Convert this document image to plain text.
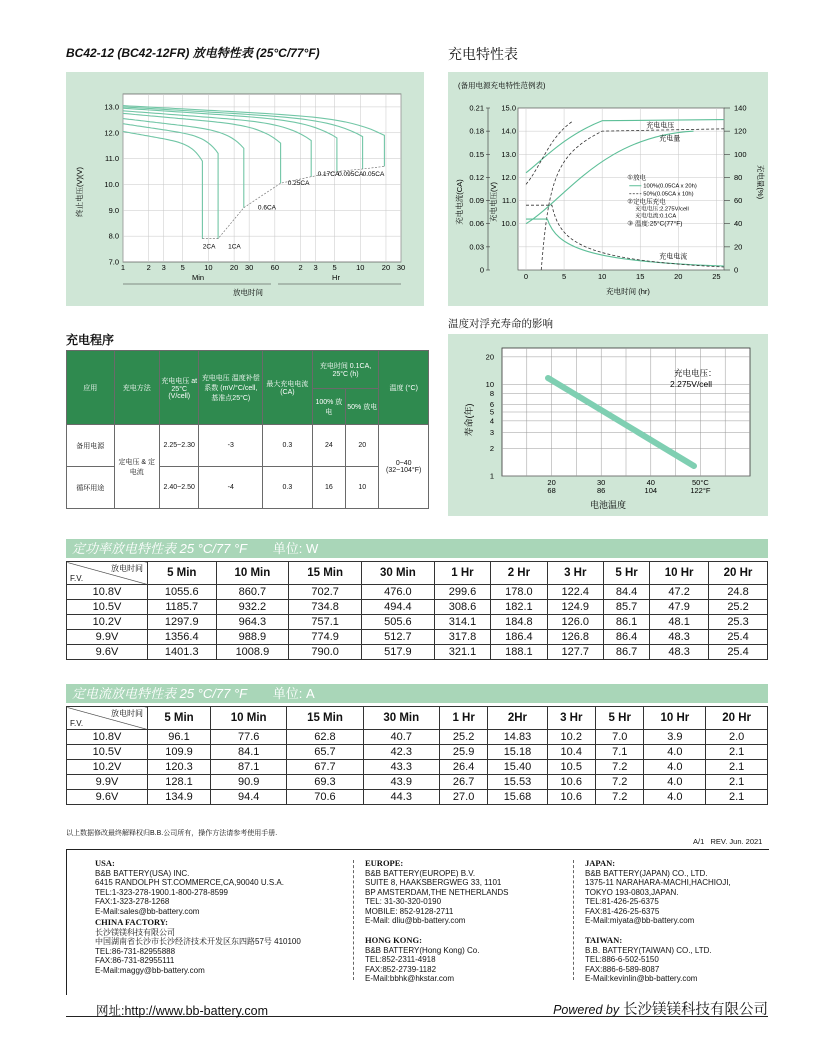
BC42-12 (BC42-12FR) 放电特性表 (25°C/77°F)
13.0
12.0
11.0
10.0
9.0
8.0
7.0
1	2 3 5	10 20 30 60	2 3 5	10 20 30
2CA 1CA
0.6CA
0.25CA
0.17CA
0.095CA 0.05CA
终止电压(V)(V)
Min	Hr
放电时间
充电特性表
(备用电源充电特性范例表)
0.21	140
0.18	120
0.15	100
0.12	80
0.09	60
0.06	40
0.03	20
0	0
15.0
14.0
13.0
12.0
11.0
10.0
0	5	10	15	20	25
充电电压
充电量
充电电流
①放电
100%(0.05CA x 20h)
50%(0.05CA x 10h)
②定电压充电
充电电压:2.275V/cell
充电电流:0.1CA
③ 温度:25°C(77°F)
充电电流(CA)	充电电压(V)	充电量(%)
充电时间 (hr)
温度对浮充寿命的影响
20
10
8
6
5
4
3
2
1
20
68
30
86
40
104
50°C
122°F
寿命(年)
电池温度
充电电压：
2.275V/cell
充电程序
应用	充电方法	充电电压 at 25°C (V/cell)	充电电压 温度补偿系数 (mV/°C/cell, 基准点25°C)	最大充电电流 (CA)	充电时间 0.1CA, 25°C (h)		温度 (°C)
					100% 放电	50% 放电	
备用电源	定电压 & 定电流	2.25~2.30	-3	0.3	24	20	0~40 (32~104°F)
循环用途		2.40~2.50	-4	0.3	16	10	
定功率放电特性表 25 °C/77 °F 单位: W
放电时间
F.V.	5 Min	10 Min	15 Min	30 Min	1 Hr	2 Hr	3 Hr	5 Hr	10 Hr	20 Hr
10.8V	1055.6	860.7	702.7	476.0	299.6	178.0	122.4	84.4	47.2	24.8
10.5V	1185.7	932.2	734.8	494.4	308.6	182.1	124.9	85.7	47.9	25.2
10.2V	1297.9	964.3	757.1	505.6	314.1	184.8	126.0	86.1	48.1	25.3
9.9V	1356.4	988.9	774.9	512.7	317.8	186.4	126.8	86.4	48.3	25.4
9.6V	1401.3	1008.9	790.0	517.9	321.1	188.1	127.7	86.7	48.3	25.4
定电流放电特性表 25 °C/77 °F 单位: A
放电时间
F.V.	5 Min	10 Min	15 Min	30 Min	1 Hr	2Hr	3 Hr	5 Hr	10 Hr	20 Hr
10.8V	96.1	77.6	62.8	40.7	25.2	14.83	10.2	7.0	3.9	2.0
10.5V	109.9	84.1	65.7	42.3	25.9	15.18	10.4	7.1	4.0	2.1
10.2V	120.3	87.1	67.7	43.3	26.4	15.40	10.5	7.2	4.0	2.1
9.9V	128.1	90.9	69.3	43.9	26.7	15.53	10.6	7.2	4.0	2.1
9.6V	134.9	94.4	70.6	44.3	27.0	15.68	10.6	7.2	4.0	2.1
以上数据修改最终解释权归B.B.公司所有，操作方法请参考使用手册.
A/1   REV. Jun. 2021
USA:
B&B BATTERY(USA) INC.
6415 RANDOLPH ST.COMMERCE,CA,90040 U.S.A.
TEL:1-323-278-1900.1-800-278-8599
FAX:1-323-278-1268
E-Mail:sales@bb-battery.com
CHINA FACTORY:
长沙镁镁科技有限公司
中国湖南省长沙市长沙经济技术开发区东四路57号 410100
TEL:86-731-82955888
FAX:86-731-82955111
E-Mail:maggy@bb-battery.com
EUROPE:
B&B BATTERY(EUROPE) B.V.
SUITE 8, HAAKSBERGWEG 33, 1101
BP AMSTERDAM,THE NETHERLANDS
TEL: 31-30-320-0190
MOBILE: 852-9128-2711
E-Mail: dliu@bb-battery.com
HONG KONG:
B&B BATTERY(Hong Kong) Co.
TEL:852-2311-4918
FAX:852-2739-1182
E-Mail:bbhk@hkstar.com
JAPAN:
B&B BATTERY(JAPAN) CO., LTD.
1375-11 NARAHARA-MACHI,HACHIOJI,
TOKYO 193-0803,JAPAN.
TEL:81-426-25-6375
FAX:81-426-25-6375
E-Mail:miyata@bb-battery.com
TAIWAN:
B.B. BATTERY(TAIWAN) CO., LTD.
TEL:886-6-502-5150
FAX:886-6-589-8087
E-Mail:kevinlin@bb-battery.com
网址:http://www.bb-battery.com	Powered by 长沙镁镁科技有限公司
